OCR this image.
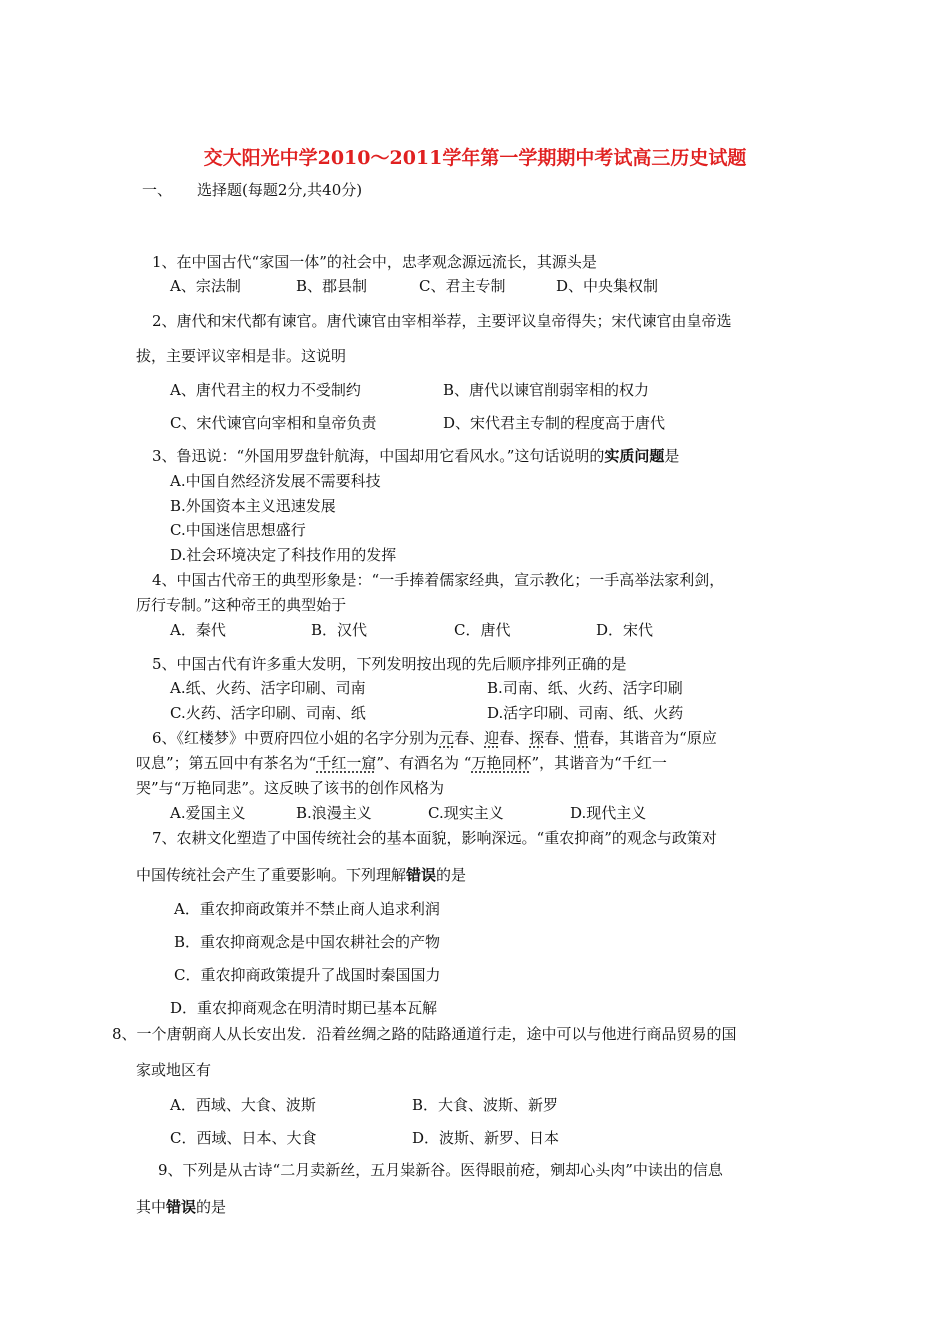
交大阳光中学2010～2011学年第一学期期中考试高三历史试题
一、 选择题(每题2分,共40分)
1、在中国古代“家国一体”的社会中，忠孝观念源远流长，其源头是
A、宗法制	B、郡县制	C、君主专制	D、中央集权制
2、唐代和宋代都有谏官。唐代谏官由宰相举荐，主要评议皇帝得失；宋代谏官由皇帝选
拔，主要评议宰相是非。这说明
A、唐代君主的权力不受制约	B、唐代以谏官削弱宰相的权力
C、宋代谏官向宰相和皇帝负责	D、宋代君主专制的程度高于唐代
3、鲁迅说：“外国用罗盘针航海，中国却用它看风水。”这句话说明的实质问题是
A.中国自然经济发展不需要科技
B.外国资本主义迅速发展
C.中国迷信思想盛行
D.社会环境决定了科技作用的发挥
4、中国古代帝王的典型形象是：“一手捧着儒家经典，宣示教化；一手高举法家利剑，
厉行专制。”这种帝王的典型始于
A．秦代	B．汉代	C．唐代	D．宋代
5、中国古代有许多重大发明，下列发明按出现的先后顺序排列正确的是
A.纸、火药、活字印刷、司南	B.司南、纸、火药、活字印刷
C.火药、活字印刷、司南、纸	D.活字印刷、司南、纸、火药
6、《红楼梦》中贾府四位小姐的名字分别为元春、迎春、探春、惜春，其谐音为“原应
叹息”；第五回中有茶名为“千红一窟”、有酒名为 “万艳同杯”，其谐音为“千红一
哭”与“万艳同悲”。这反映了该书的创作风格为
A.爱国主义	B.浪漫主义	C.现实主义	D.现代主义
7、农耕文化塑造了中国传统社会的基本面貌，影响深远。“重农抑商”的观念与政策对
中国传统社会产生了重要影响。下列理解错误的是
A．重农抑商政策并不禁止商人追求利润
B．重农抑商观念是中国农耕社会的产物
C．重农抑商政策提升了战国时秦国国力
D．重农抑商观念在明清时期已基本瓦解
8、一个唐朝商人从长安出发．沿着丝绸之路的陆路通道行走，途中可以与他进行商品贸易的国
家或地区有
A．西域、大食、波斯	B．大食、波斯、新罗
C．西域、日本、大食	D．波斯、新罗、日本
9、下列是从古诗“二月卖新丝，五月粜新谷。医得眼前疮，剜却心头肉”中读出的信息
其中错误的是
